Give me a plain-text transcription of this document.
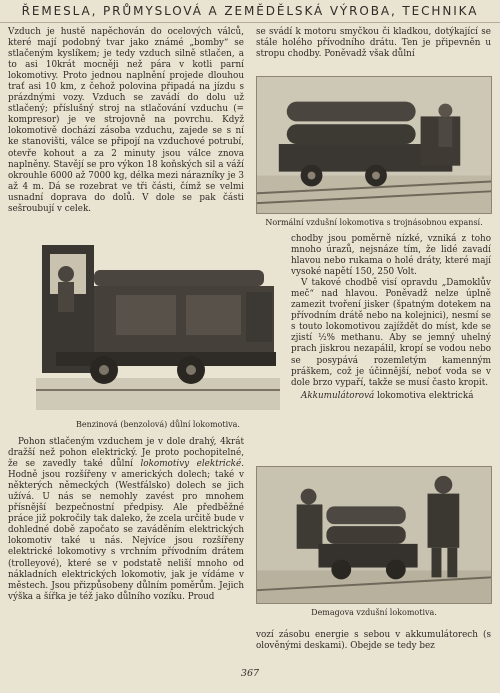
ŘEMESLA, PRŮMYSLOVÁ A ZEMĚDĚLSKÁ VÝROBA, TECHNIKA

Vzduch je hustě napěchován do ocelových válců, které mají podobný tvar jako známé „bomby“ se stlačeným kyslíkem; je tedy vzduch silně stlačen, a to asi 10krát mocněji než pára v kotli parní lokomotivy. Proto jednou naplnění projede dlouhou trať asi 10 km, z čehož polovina připadá na jízdu s prázdnými vozy. Vzduch se zavádí do dolu už stlačený; příslušný stroj na stlačování vzduchu (= kompresor) je ve strojovně na povrchu. Když lokomotivě dochází zásoba vzduchu, zajede se s ní ke stanovišti, válce se připojí na vzduchové potrubí, otevře kohout a za 2 minuty jsou válce znova naplněny. Stavějí se pro výkon 18 koňských sil a váží okrouhle 6000 až 7000 kg, délka mezi nárazníky je 3 až 4 m. Dá se rozebrat ve tři části, čímž se velmi usnadní doprava do dolů. V dole se pak části sešroubují v celek.

se svádí k motoru smyčkou či kladkou, dotýkající se stále holého přívodního drátu. Ten je připevněn u stropu chodby. Poněvadž však důlní

Normální vzdušní lokomotiva s trojnásobnou expansí.
Benzinová (benzolová) důlní lokomotiva.

chodby jsou poměrně nízké, vzniká z toho mnoho úrazů, nejsnáze tím, že lidé zavadí hlavou nebo rukama o holé dráty, které mají vysoké napětí 150, 250 Volt.

V takové chodbě visí opravdu „Damoklův meč“ nad hlavou. Poněvadž nelze úplně zamezit tvoření jisker (špatným dotekem na přívodním drátě nebo na kolejnici), nesmí se s touto lokomotivou zajíždět do míst, kde se zjistí ½% methanu. Aby se jemný uhelný prach jiskrou nezapálil, kropí se vodou nebo se posypává rozemletým kamenným práškem, což je účinnější, neboť voda se v dole brzo vypaří, takže se musí často kropit.

Akkumulátorová lokomotiva elektrická

Pohon stlačeným vzduchem je v dole drahý, 4krát dražší než pohon elektrický. Je proto pochopitelné, že se zavedly také důlní lokomotivy elektrické. Hodně jsou rozšířeny v amerických dolech; také v některých německých (Westfálsko) dolech se jich užívá. U nás se nemohly zavést pro mnohem přísnější bezpečnostní předpisy. Ale předběžné práce již pokročily tak daleko, že zcela určitě bude v dohledné době započato se zaváděním elektrických lokomotiv také u nás. Nejvíce jsou rozšířeny elektrické lokomotivy s vrchním přívodním drátem (trolleyové), které se v podstatě neliší mnoho od nákladních elektrických lokomotiv, jak je vídáme v městech. Jsou přizpůsobeny důlním poměrům. Jejich výška a šířka je též jako důlního vozíku. Proud

Demagova vzdušní lokomotiva.

vozí zásobu energie s sebou v akkumulátorech (s olověnými deskami). Obejde se tedy bez

367
